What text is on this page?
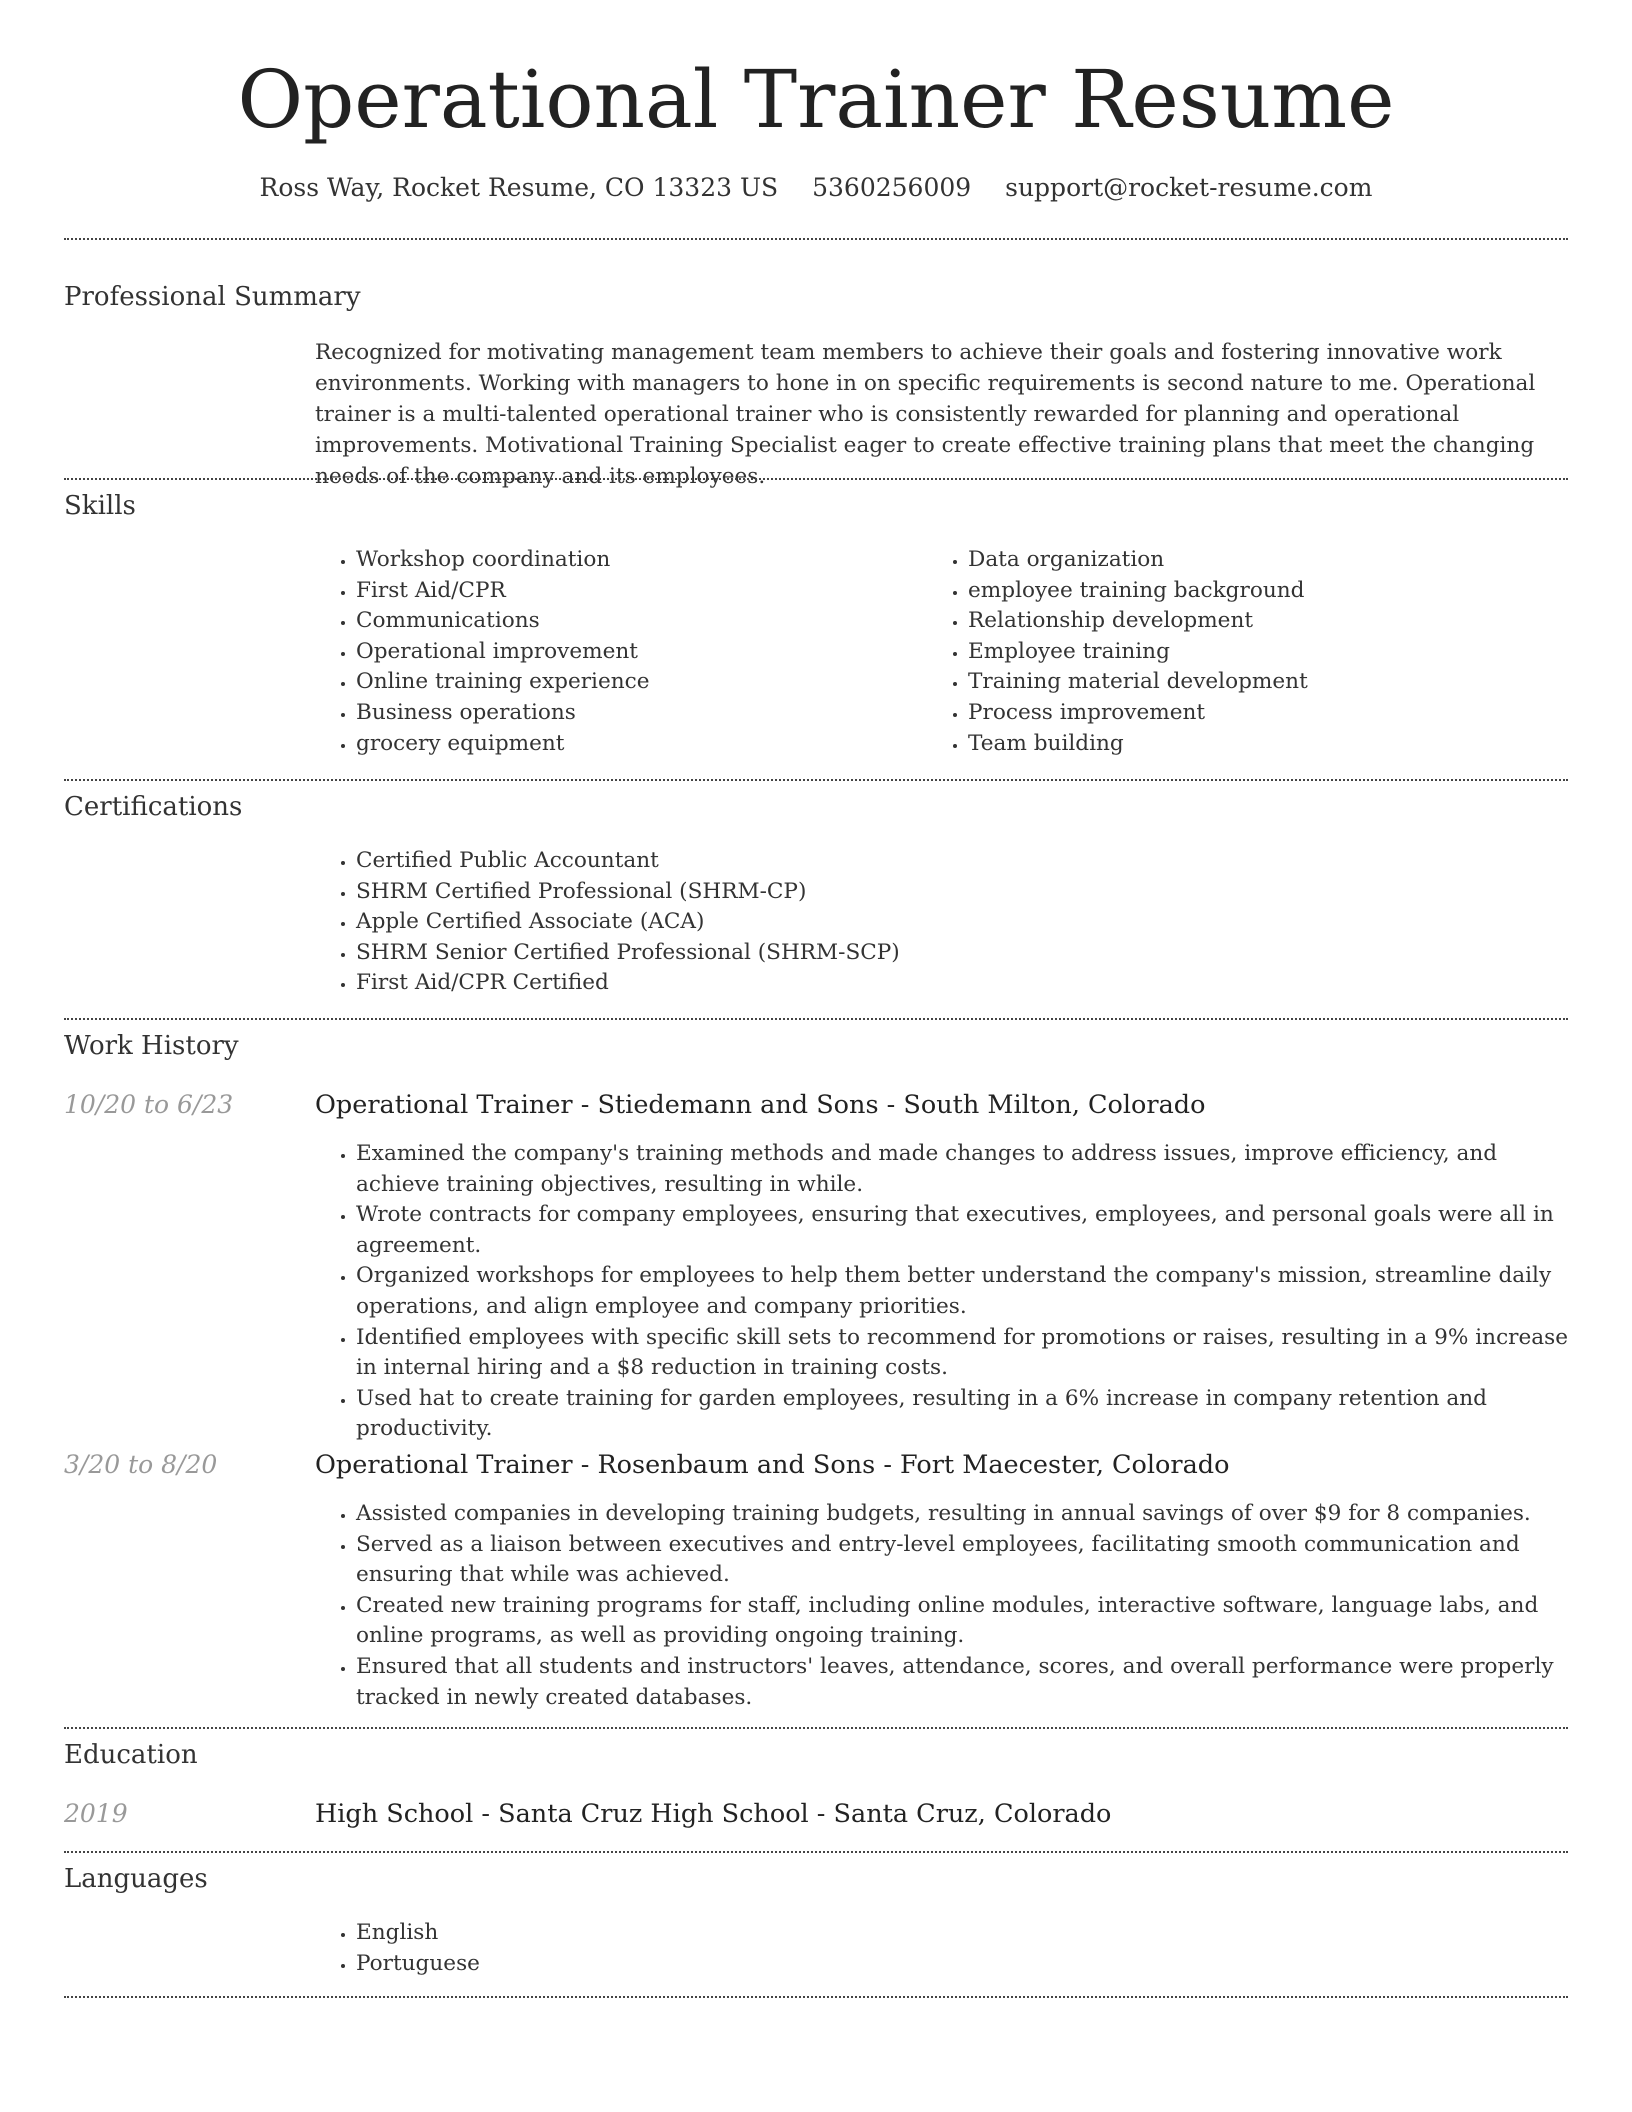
Operational Trainer Resume
Ross Way, Rocket Resume, CO 13323 US 5360256009 support@rocket-resume.com
Professional Summary

Recognized for motivating management team members to achieve their goals and fostering innovative work environments. Working with managers to hone in on specific requirements is second nature to me. Operational trainer is a multi-talented operational trainer who is consistently rewarded for planning and operational improvements. Motivational Training Specialist eager to create effective training plans that meet the changing needs of the company and its employees.

Skills
• Workshop coordination
• First Aid/CPR
• Communications
• Operational improvement
• Online training experience
• Business operations
• grocery equipment
• Data organization
• employee training background
• Relationship development
• Employee training
• Training material development
• Process improvement
• Team building
Certifications
• Certified Public Accountant
• SHRM Certified Professional (SHRM-CP)
• Apple Certified Associate (ACA)
• SHRM Senior Certified Professional (SHRM-SCP)
• First Aid/CPR Certified
Work History
10/20 to 6/23	Operational Trainer - Stiedemann and Sons - South Milton, Colorado
• Examined the company's training methods and made changes to address issues, improve efficiency, and achieve training objectives, resulting in while.
• Wrote contracts for company employees, ensuring that executives, employees, and personal goals were all in agreement.
• Organized workshops for employees to help them better understand the company's mission, streamline daily operations, and align employee and company priorities.
• Identified employees with specific skill sets to recommend for promotions or raises, resulting in a 9% increase in internal hiring and a $8 reduction in training costs.
• Used hat to create training for garden employees, resulting in a 6% increase in company retention and productivity.
3/20 to 8/20	Operational Trainer - Rosenbaum and Sons - Fort Maecester, Colorado
• Assisted companies in developing training budgets, resulting in annual savings of over $9 for 8 companies.
• Served as a liaison between executives and entry-level employees, facilitating smooth communication and ensuring that while was achieved.
• Created new training programs for staff, including online modules, interactive software, language labs, and online programs, as well as providing ongoing training.
• Ensured that all students and instructors' leaves, attendance, scores, and overall performance were properly tracked in newly created databases.
Education
2019	High School - Santa Cruz High School - Santa Cruz, Colorado
Languages
• English
• Portuguese
